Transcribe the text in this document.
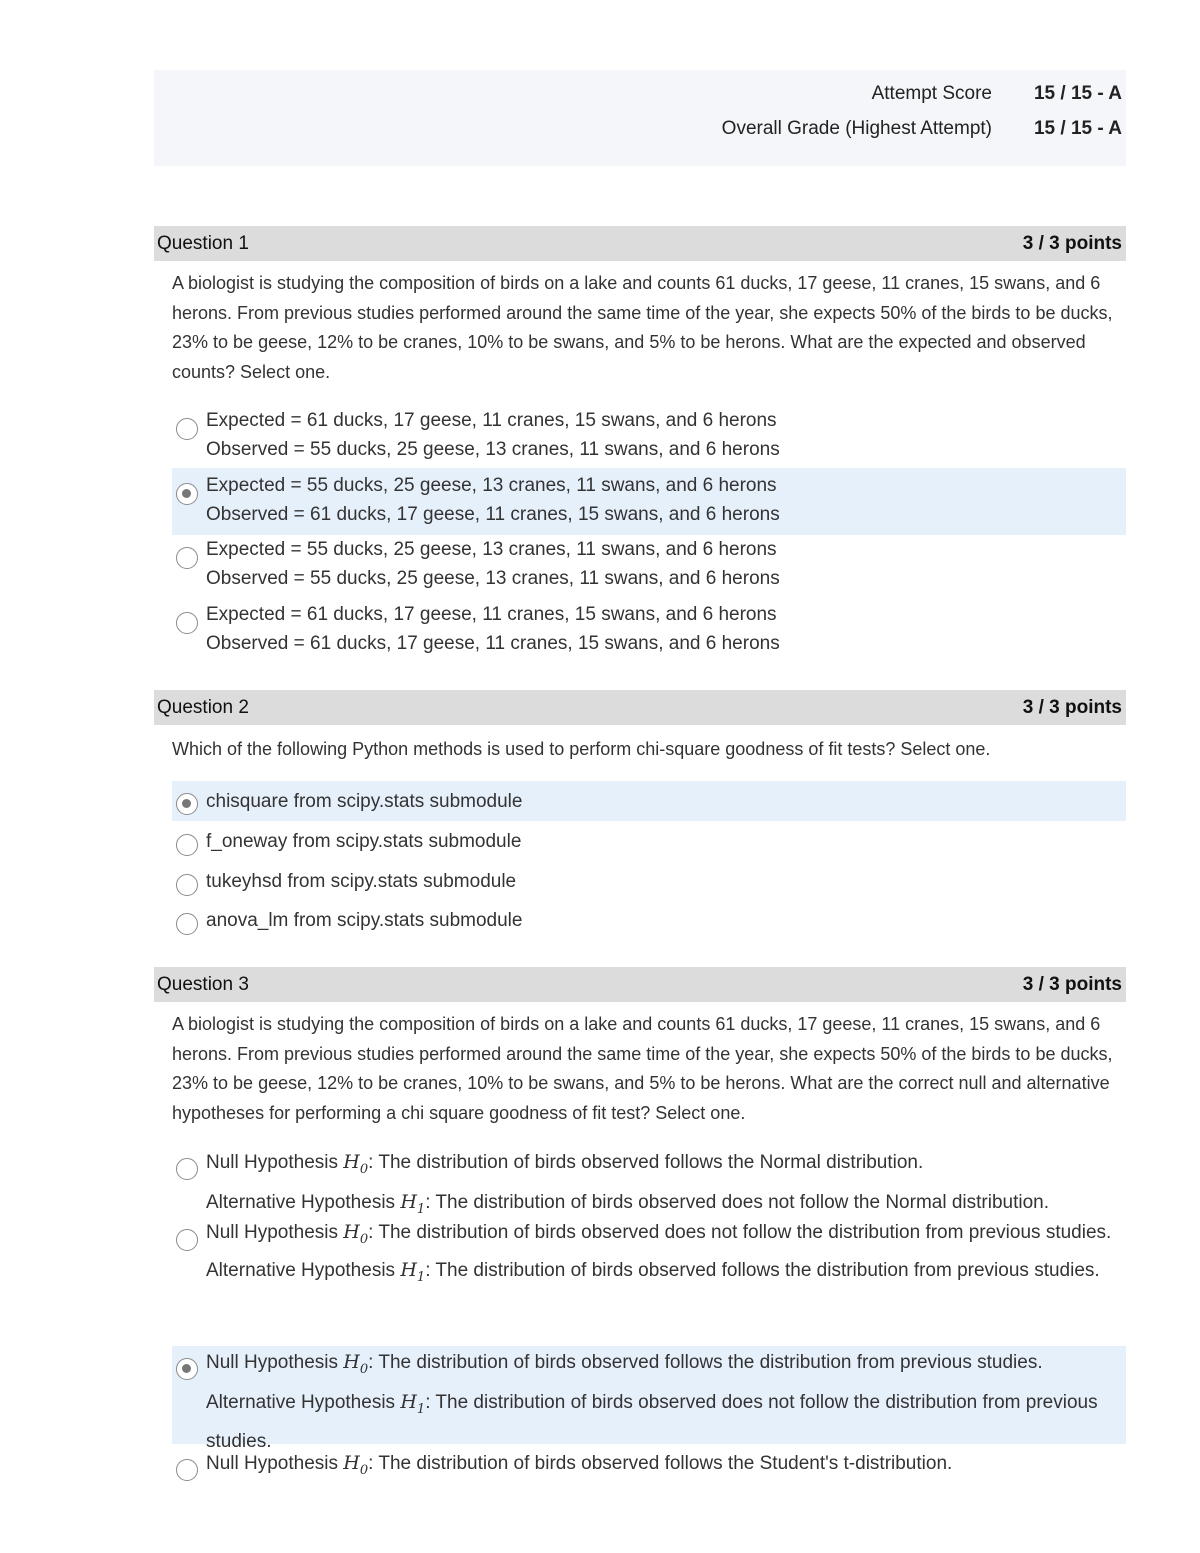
Attempt Score	15 / 15 - A
Overall Grade (Highest Attempt)	15 / 15 - A
Question 1	3 / 3 points
A biologist is studying the composition of birds on a lake and counts 61 ducks, 17 geese, 11 cranes, 15 swans, and 6 herons. From previous studies performed around the same time of the year, she expects 50% of the birds to be ducks, 23% to be geese, 12% to be cranes, 10% to be swans, and 5% to be herons. What are the expected and observed counts? Select one.
Expected = 61 ducks, 17 geese, 11 cranes, 15 swans, and 6 herons
Observed = 55 ducks, 25 geese, 13 cranes, 11 swans, and 6 herons
Expected = 55 ducks, 25 geese, 13 cranes, 11 swans, and 6 herons
Observed = 61 ducks, 17 geese, 11 cranes, 15 swans, and 6 herons
Expected = 55 ducks, 25 geese, 13 cranes, 11 swans, and 6 herons
Observed = 55 ducks, 25 geese, 13 cranes, 11 swans, and 6 herons
Expected = 61 ducks, 17 geese, 11 cranes, 15 swans, and 6 herons
Observed = 61 ducks, 17 geese, 11 cranes, 15 swans, and 6 herons
Question 2	3 / 3 points
Which of the following Python methods is used to perform chi-square goodness of fit tests? Select one.
chisquare from scipy.stats submodule
f_oneway from scipy.stats submodule
tukeyhsd from scipy.stats submodule
anova_lm from scipy.stats submodule
Question 3	3 / 3 points
A biologist is studying the composition of birds on a lake and counts 61 ducks, 17 geese, 11 cranes, 15 swans, and 6 herons. From previous studies performed around the same time of the year, she expects 50% of the birds to be ducks, 23% to be geese, 12% to be cranes, 10% to be swans, and 5% to be herons. What are the correct null and alternative hypotheses for performing a chi square goodness of fit test? Select one.
Null Hypothesis $H_0$: The distribution of birds observed follows the Normal distribution.
Alternative Hypothesis $H_1$: The distribution of birds observed does not follow the Normal distribution.
Null Hypothesis $H_0$: The distribution of birds observed does not follow the distribution from previous studies.
Alternative Hypothesis $H_1$: The distribution of birds observed follows the distribution from previous studies.
Null Hypothesis $H_0$: The distribution of birds observed follows the distribution from previous studies.
Alternative Hypothesis $H_1$: The distribution of birds observed does not follow the distribution from previous studies.
Null Hypothesis $H_0$: The distribution of birds observed follows the Student's t-distribution.
